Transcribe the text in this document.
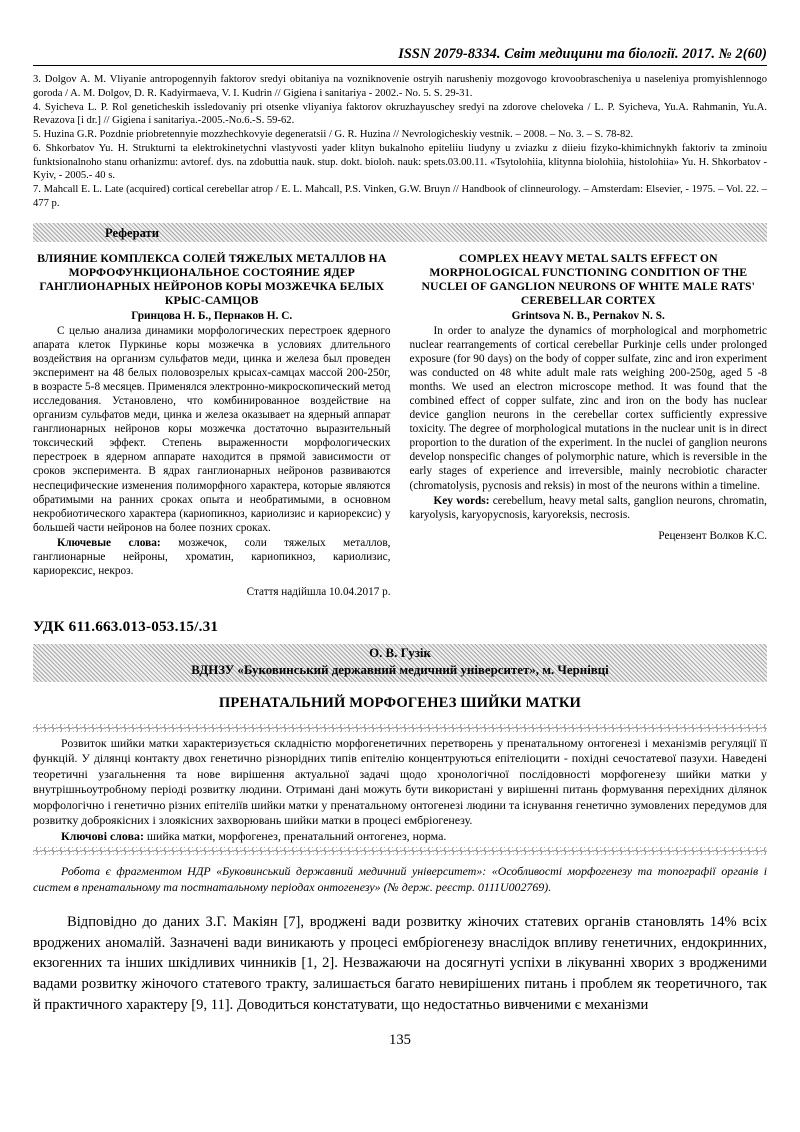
ISSN 2079-8334. Світ медицини та біології. 2017. № 2(60)

3. Dolgov A. M. Vliyanie antropogennyih faktorov sredyi obitaniya na vozniknovenie ostryih narusheniy mozgovogo krovoobrascheniya u naseleniya promyishlennogo goroda / A. M. Dolgov, D. R. Kadyirmaeva, V. I. Kudrin // Gigiena i sanitariya - 2002.- No. 5. S. 29-31.

4. Syicheva L. P. Rol geneticheskih issledovaniy pri otsenke vliyaniya faktorov okruzhayuschey sredyi na zdorove cheloveka / L. P. Syicheva, Yu.A. Rahmanin, Yu.A. Revazova [i dr.] // Gigiena i sanitariya.-2005.-No.6.-S. 59-62.

5. Huzina G.R. Pozdnie priobretennyie mozzhechkovyie degeneratsii / G. R. Huzina // Nevrologicheskiy vestnik. – 2008. – No. 3. – S. 78-82.

6. Shkorbatov Yu. H. Strukturni ta elektrokinetychni vlastyvosti yader klityn bukalnoho epiteliiu liudyny u zviazku z diieiu fizyko-khimichnykh faktoriv ta zminoiu funktsionalnoho stanu orhanizmu: avtoref. dys. na zdobuttia nauk. stup. dokt. bioloh. nauk: spets.03.00.11. «Tsytolohiia, klitynna biolohiia, histolohiia» Yu. H. Shkorbatov - Kyiv, - 2005.- 40 s.

7. Mahcall E. L. Late (acquired) cortical cerebellar atrop / E. L. Mahcall, P.S. Vinken, G.W. Bruyn // Handbook of clinneurology. – Amsterdam: Elsevier, - 1975. – Vol. 22. –477 p.

Реферати
ВЛИЯНИЕ КОМПЛЕКСА СОЛЕЙ ТЯЖЕЛЫХ МЕТАЛЛОВ НА МОРФОФУНКЦИОНАЛЬНОЕ СОСТОЯНИЕ ЯДЕР ГАНГЛИОНАРНЫХ НЕЙРОНОВ КОРЫ МОЗЖЕЧКА БЕЛЫХ КРЫС-САМЦОВ
Гринцова Н. Б., Пернаков Н. С.

С целью анализа динамики морфологических перестроек ядерного апарата клеток Пуркинье коры мозжечка в условиях длительного воздействия на организм сульфатов меди, цинка и железа был проведен эксперимент на 48 белых половозрелых крысах-самцах массой 200-250г, в возрасте 5-8 месяцев. Применялся электронно-микроскопический метод исследования. Установлено, что комбинированное воздействие на организм сульфатов меди, цинка и железа оказывает на ядерный аппарат ганглионарных нейронов коры мозжечка достаточно выразительный токсический эффект. Степень выраженности морфологических перестроек в ядерном аппарате находится в прямой зависимости от сроков эксперимента. В ядрах ганглионарных нейронов развиваются неспецифические изменения полиморфного характера, которые являются обратимыми на ранних сроках опыта и необратимыми, в основном некробиотического характера (кариопикноз, кариолизис и кариорексис) у большей части нейронов на более позних сроках.

Ключевые слова: мозжечок, соли тяжелых металлов, ганглионарные нейроны, хроматин, кариопикноз, кариолизис, кариорексис, некроз.

Стаття надійшла 10.04.2017 р.
COMPLEX HEAVY METAL SALTS EFFECT ON MORPHOLOGICAL FUNCTIONING CONDITION OF THE NUCLEI OF GANGLION NEURONS OF WHITE MALE RATS' CEREBELLAR CORTEX
Grintsova N. B., Pernakov N. S.

In order to analyze the dynamics of morphological and morphometric nuclear rearrangements of cortical cerebellar Purkinje cells under prolonged exposure (for 90 days) on the body of copper sulfate, zinc and iron experiment was conducted on 48 white adult male rats weighing 200-250g, aged 5 -8 months. We used an electron microscope method. It was found that the combined effect of copper sulfate, zinc and iron on the body has nuclear device ganglion neurons in the cerebellar cortex sufficiently expressive toxicity. The degree of morphological mutations in the nuclear unit is in direct proportion to the duration of the experiment. In the nuclei of ganglion neurons develop nonspecific changes of polymorphic nature, which is reversible in the early stages of experience and irreversible, mainly necrobiotic character (chromatolysis, pycnosis and reksis) in most of the neurons within a timeline.

Key words: cerebellum, heavy metal salts, ganglion neurons, chromatin, karyolysis, karyopycnosis, karyoreksis, necrosis.

Рецензент Волков К.С.
УДК 611.663.013-053.15/.31
О. В. Гузік
ВДНЗУ «Буковинський державний медичний університет», м. Чернівці
ПРЕНАТАЛЬНИЙ МОРФОГЕНЕЗ ШИЙКИ МАТКИ

Розвиток шийки матки характеризується складністю морфогенетичних перетворень у пренатальному онтогенезі і механізмів регуляції її функцій. У ділянці контакту двох генетично різнорідних типів епітелію концентруються епітеліоцити - похідні сечостатевої пазухи. Наведені теоретичні узагальнення та нове вирішення актуальної задачі щодо хронологічної послідовності морфогенезу шийки матки у внутрішньоутробному періоді розвитку людини. Отримані дані можуть бути використані у вирішенні питань формування перехідних ділянок морфологічно і генетично різних епітеліїв шийки матки у пренатальному онтогенезі людини та існування генетично зумовлених передумов для розвитку доброякісних і злоякісних захворювань шийки матки в процесі ембріогенезу.

Ключові слова: шийка матки, морфогенез, пренатальний онтогенез, норма.

Робота є фрагментом НДР «Буковинський державний медичний університет»: «Особливості морфогенезу та топографії органів і систем в пренатальному та постнатальному періодах онтогенезу» (№ держ. реєстр. 0111U002769).

Відповідно до даних З.Г. Макіян [7], вроджені вади розвитку жіночих статевих органів становлять 14% всіх вроджених аномалій. Зазначені вади виникають у процесі ембріогенезу внаслідок впливу генетичних, ендокринних, екзогенних та інших шкідливих чинників [1, 2]. Незважаючи на досягнуті успіхи в лікуванні хворих з вродженими вадами розвитку жіночого статевого тракту, залишається багато невирішених питань і проблем як теоретичного, так й практичного характеру [9, 11]. Доводиться констатувати, що недостатньо вивченими є механізми

135
